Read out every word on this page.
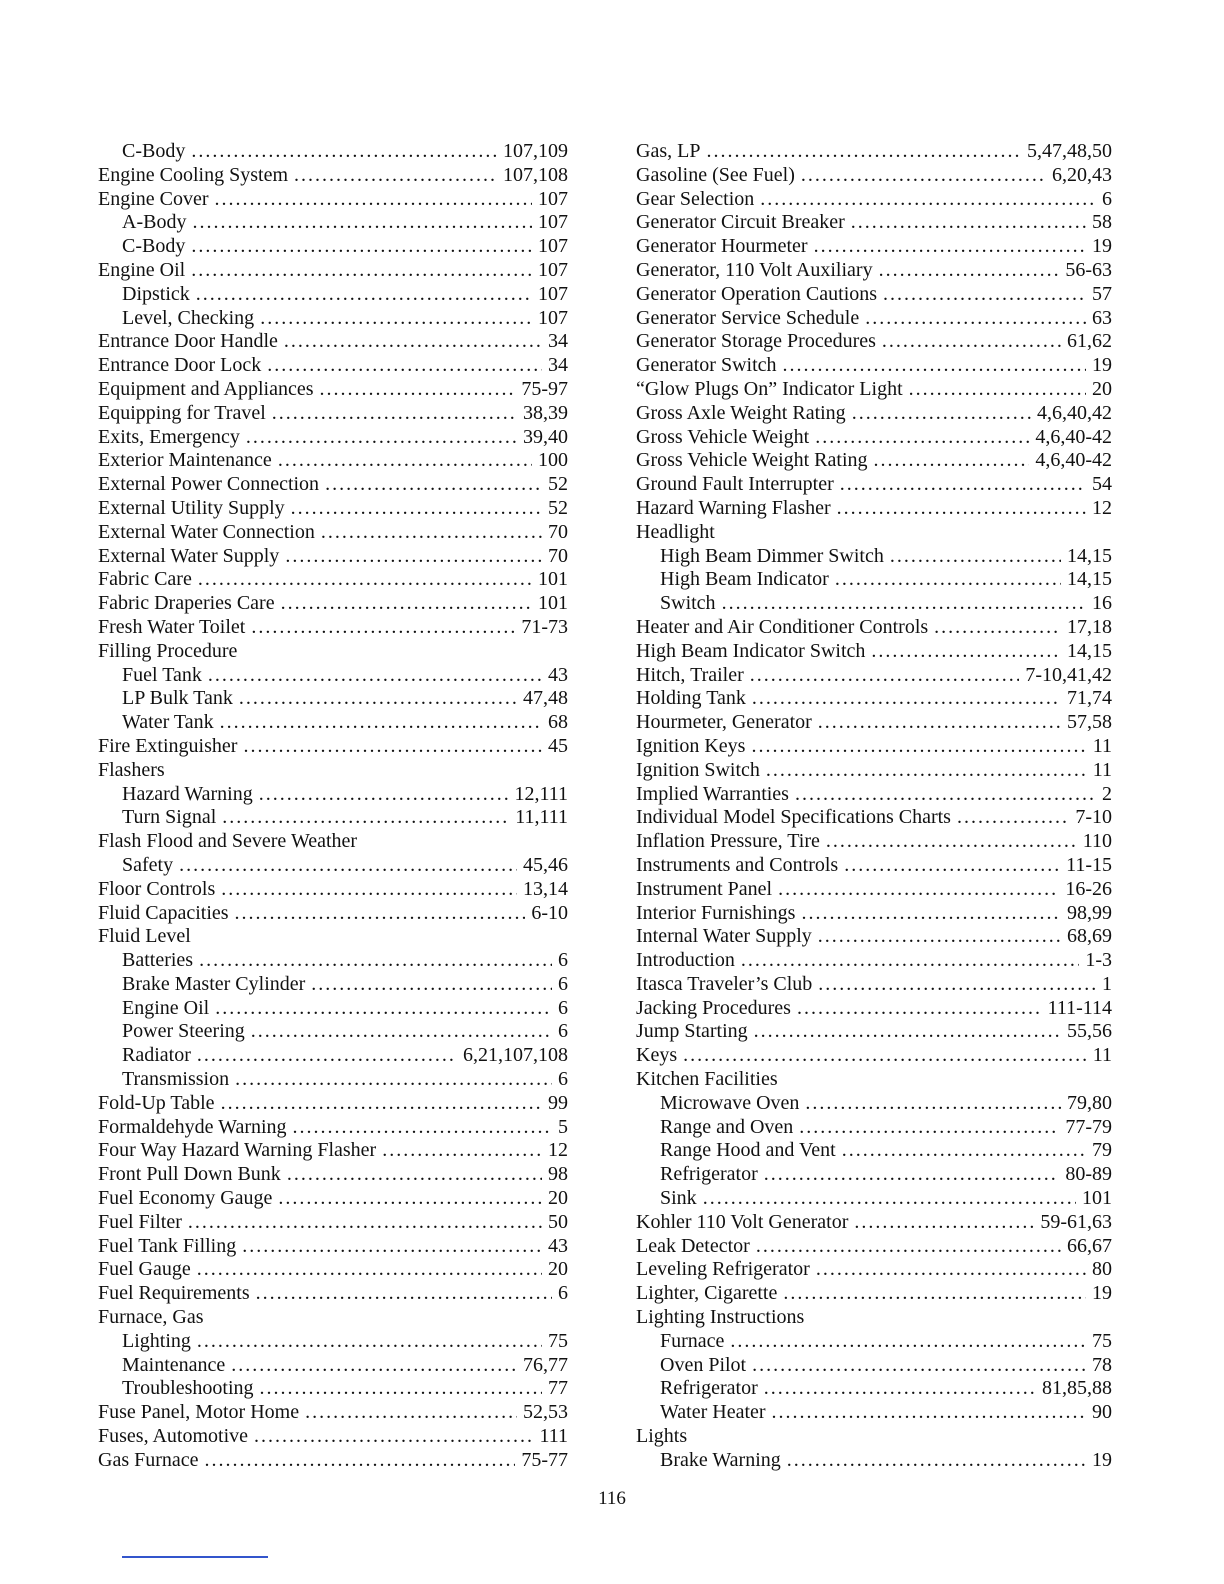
C-Body .....	107,109
Engine Cooling System .....	107,108
Engine Cover .....	107
A-Body .....	107
C-Body .....	107
Engine Oil .....	107
Dipstick .....	107
Level, Checking .....	107
Entrance Door Handle .....	34
Entrance Door Lock .....	34
Equipment and Appliances .....	75-97
Equipping for Travel .....	38,39
Exits, Emergency .....	39,40
Exterior Maintenance .....	100
External Power Connection .....	52
External Utility Supply .....	52
External Water Connection .....	70
External Water Supply .....	70
Fabric Care .....	101
Fabric Draperies Care .....	101
Fresh Water Toilet .....	71-73
Filling Procedure
Fuel Tank .....	43
LP Bulk Tank .....	47,48
Water Tank .....	68
Fire Extinguisher .....	45
Flashers
Hazard Warning .....	12,111
Turn Signal .....	11,111
Flash Flood and Severe Weather
Safety .....	45,46
Floor Controls .....	13,14
Fluid Capacities .....	6-10
Fluid Level
Batteries .....	6
Brake Master Cylinder .....	6
Engine Oil .....	6
Power Steering .....	6
Radiator .....	6,21,107,108
Transmission .....	6
Fold-Up Table .....	99
Formaldehyde Warning .....	5
Four Way Hazard Warning Flasher .....	12
Front Pull Down Bunk .....	98
Fuel Economy Gauge .....	20
Fuel Filter .....	50
Fuel Tank Filling .....	43
Fuel Gauge .....	20
Fuel Requirements .....	6
Furnace, Gas
Lighting .....	75
Maintenance .....	76,77
Troubleshooting .....	77
Fuse Panel, Motor Home .....	52,53
Fuses, Automotive .....	111
Gas Furnace .....	75-77
Gas, LP .....	5,47,48,50
Gasoline (See Fuel) .....	6,20,43
Gear Selection .....	6
Generator Circuit Breaker .....	58
Generator Hourmeter .....	19
Generator, 110 Volt Auxiliary .....	56-63
Generator Operation Cautions .....	57
Generator Service Schedule .....	63
Generator Storage Procedures .....	61,62
Generator Switch .....	19
“Glow Plugs On” Indicator Light .....	20
Gross Axle Weight Rating .....	4,6,40,42
Gross Vehicle Weight .....	4,6,40-42
Gross Vehicle Weight Rating .....	4,6,40-42
Ground Fault Interrupter .....	54
Hazard Warning Flasher .....	12
Headlight
High Beam Dimmer Switch .....	14,15
High Beam Indicator .....	14,15
Switch .....	16
Heater and Air Conditioner Controls .....	17,18
High Beam Indicator Switch .....	14,15
Hitch, Trailer .....	7-10,41,42
Holding Tank .....	71,74
Hourmeter, Generator .....	57,58
Ignition Keys .....	11
Ignition Switch .....	11
Implied Warranties .....	2
Individual Model Specifications Charts .....	7-10
Inflation Pressure, Tire .....	110
Instruments and Controls .....	11-15
Instrument Panel .....	16-26
Interior Furnishings .....	98,99
Internal Water Supply .....	68,69
Introduction .....	1-3
Itasca Traveler’s Club .....	1
Jacking Procedures .....	111-114
Jump Starting .....	55,56
Keys .....	11
Kitchen Facilities
Microwave Oven .....	79,80
Range and Oven .....	77-79
Range Hood and Vent .....	79
Refrigerator .....	80-89
Sink .....	101
Kohler 110 Volt Generator .....	59-61,63
Leak Detector .....	66,67
Leveling Refrigerator .....	80
Lighter, Cigarette .....	19
Lighting Instructions
Furnace .....	75
Oven Pilot .....	78
Refrigerator .....	81,85,88
Water Heater .....	90
Lights
Brake Warning .....	19
116
